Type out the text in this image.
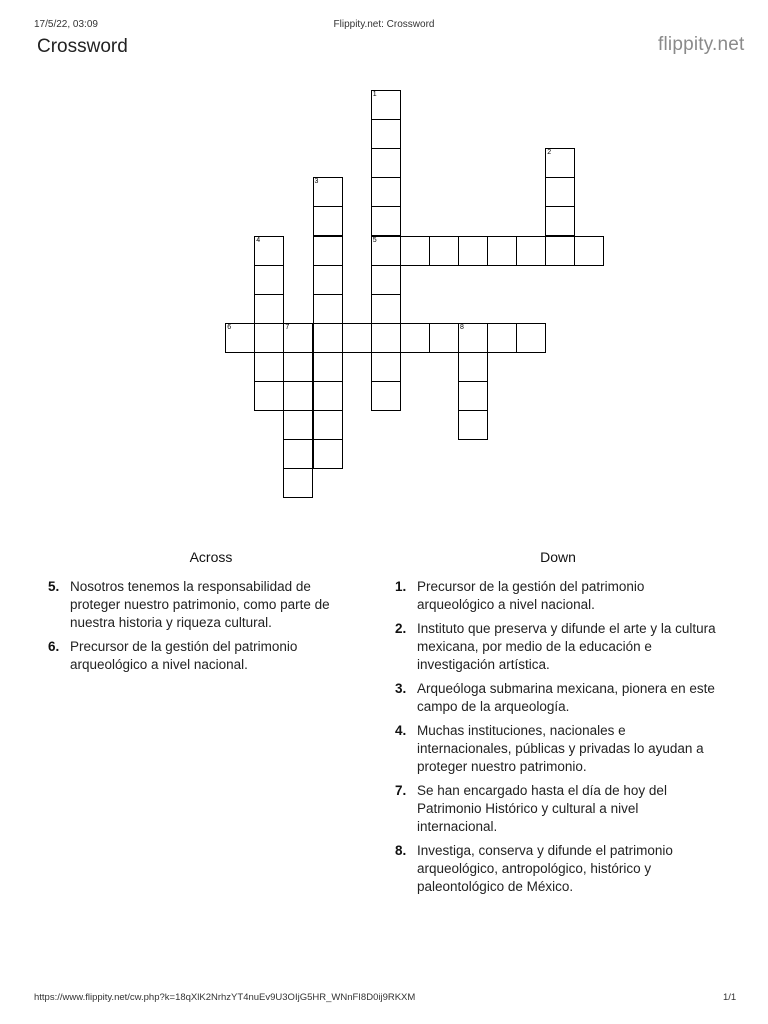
17/5/22, 03:09	Flippity.net: Crossword
Crossword	flippity.net
1
5
2
3
4
6	7	8
Across	Down
5. Nosotros tenemos la responsabilidad de proteger nuestro patrimonio, como parte de nuestra historia y riqueza cultural.
6. Precursor de la gestión del patrimonio arqueológico a nivel nacional.
1. Precursor de la gestión del patrimonio arqueológico a nivel nacional.
2. Instituto que preserva y difunde el arte y la cultura mexicana, por medio de la educación e investigación artística.
3. Arqueóloga submarina mexicana, pionera en este campo de la arqueología.
4. Muchas instituciones, nacionales e internacionales, públicas y privadas lo ayudan a proteger nuestro patrimonio.
7. Se han encargado hasta el día de hoy del Patrimonio Histórico y cultural a nivel internacional.
8. Investiga, conserva y difunde el patrimonio arqueológico, antropológico, histórico y paleontológico de México.
https://www.flippity.net/cw.php?k=18qXlK2NrhzYT4nuEv9U3OIjG5HR_WNnFI8D0ij9RKXM	1/1
